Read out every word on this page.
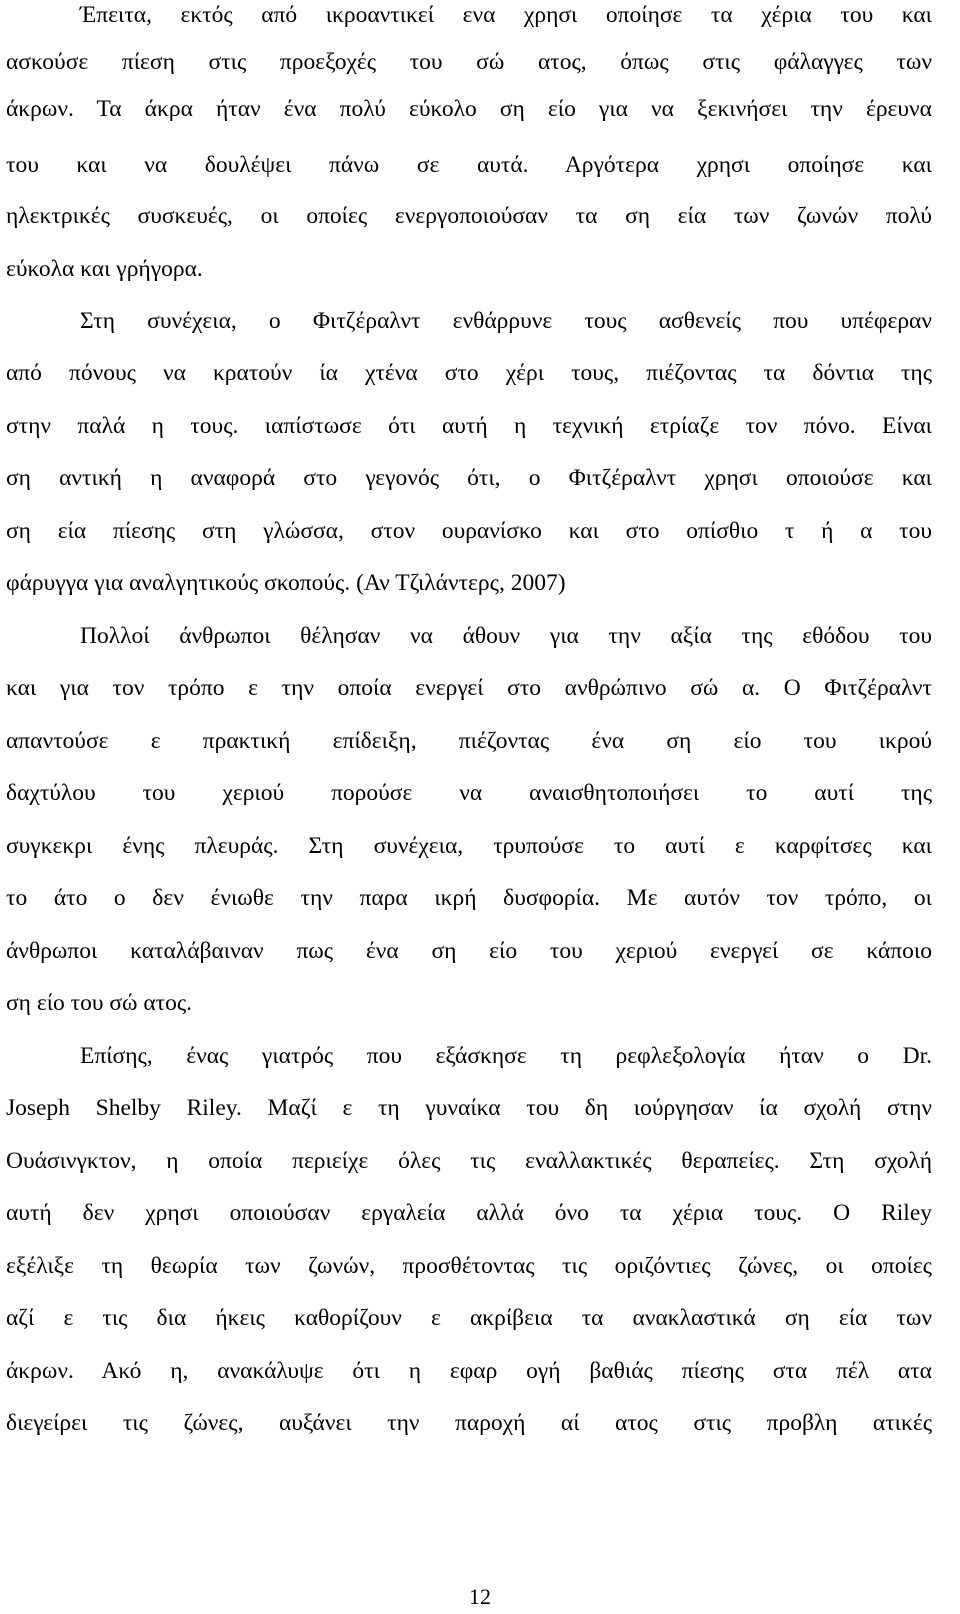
Έπειτα, εκτός από ικροαντικεί ενα χρησι οποίησε τα χέρια του και
ασκούσε πίεση στις προεξοχές του σώ ατος, όπως στις φάλαγγες των
άκρων. Τα άκρα ήταν ένα πολύ εύκολο ση είο για να ξεκινήσει την έρευνα
του και να δουλέψει πάνω σε αυτά. Αργότερα χρησι οποίησε και
ηλεκτρικές συσκευές, οι οποίες ενεργοποιούσαν τα ση εία των ζωνών πολύ
εύκολα και γρήγορα.
Στη συνέχεια, ο Φιτζέραλντ ενθάρρυνε τους ασθενείς που υπέφεραν
από πόνους να κρατούν ία χτένα στο χέρι τους, πιέζοντας τα δόντια της
στην παλά η τους. ιαπίστωσε ότι αυτή η τεχνική ετρίαζε τον πόνο. Είναι
ση αντική η αναφορά στο γεγονός ότι, ο Φιτζέραλντ χρησι οποιούσε και
ση εία πίεσης στη γλώσσα, στον ουρανίσκο και στο οπίσθιο τ ή α του
φάρυγγα για αναλγητικούς σκοπούς. (Αν Τζιλάντερς, 2007)
Πολλοί άνθρωποι θέλησαν να άθουν για την αξία της εθόδου του
και για τον τρόπο ε την οποία ενεργεί στο ανθρώπινο σώ α. Ο Φιτζέραλντ
απαντούσε ε πρακτική επίδειξη, πιέζοντας ένα ση είο του ικρού
δαχτύλου του χεριού πορούσε να αναισθητοποιήσει το αυτί της
συγκεκρι ένης πλευράς. Στη συνέχεια, τρυπούσε το αυτί ε καρφίτσες και
το άτο ο δεν ένιωθε την παρα ικρή δυσφορία. Με αυτόν τον τρόπο, οι
άνθρωποι καταλάβαιναν πως ένα ση είο του χεριού ενεργεί σε κάποιο
ση είο του σώ ατος.
Επίσης, ένας γιατρός που εξάσκησε τη ρεφλεξολογία ήταν ο Dr.
Joseph Shelby Riley. Μαζί ε τη γυναίκα του δη ιούργησαν ία σχολή στην
Ουάσινγκτον, η οποία περιείχε όλες τις εναλλακτικές θεραπείες. Στη σχολή
αυτή δεν χρησι οποιούσαν εργαλεία αλλά όνο τα χέρια τους. Ο Riley
εξέλιξε τη θεωρία των ζωνών, προσθέτοντας τις οριζόντιες ζώνες, οι οποίες
αζί ε τις δια ήκεις καθορίζουν ε ακρίβεια τα ανακλαστικά ση εία των
άκρων. Ακό η, ανακάλυψε ότι η εφαρ ογή βαθιάς πίεσης στα πέλ ατα
διεγείρει τις ζώνες, αυξάνει την παροχή αί ατος στις προβλη ατικές
12
